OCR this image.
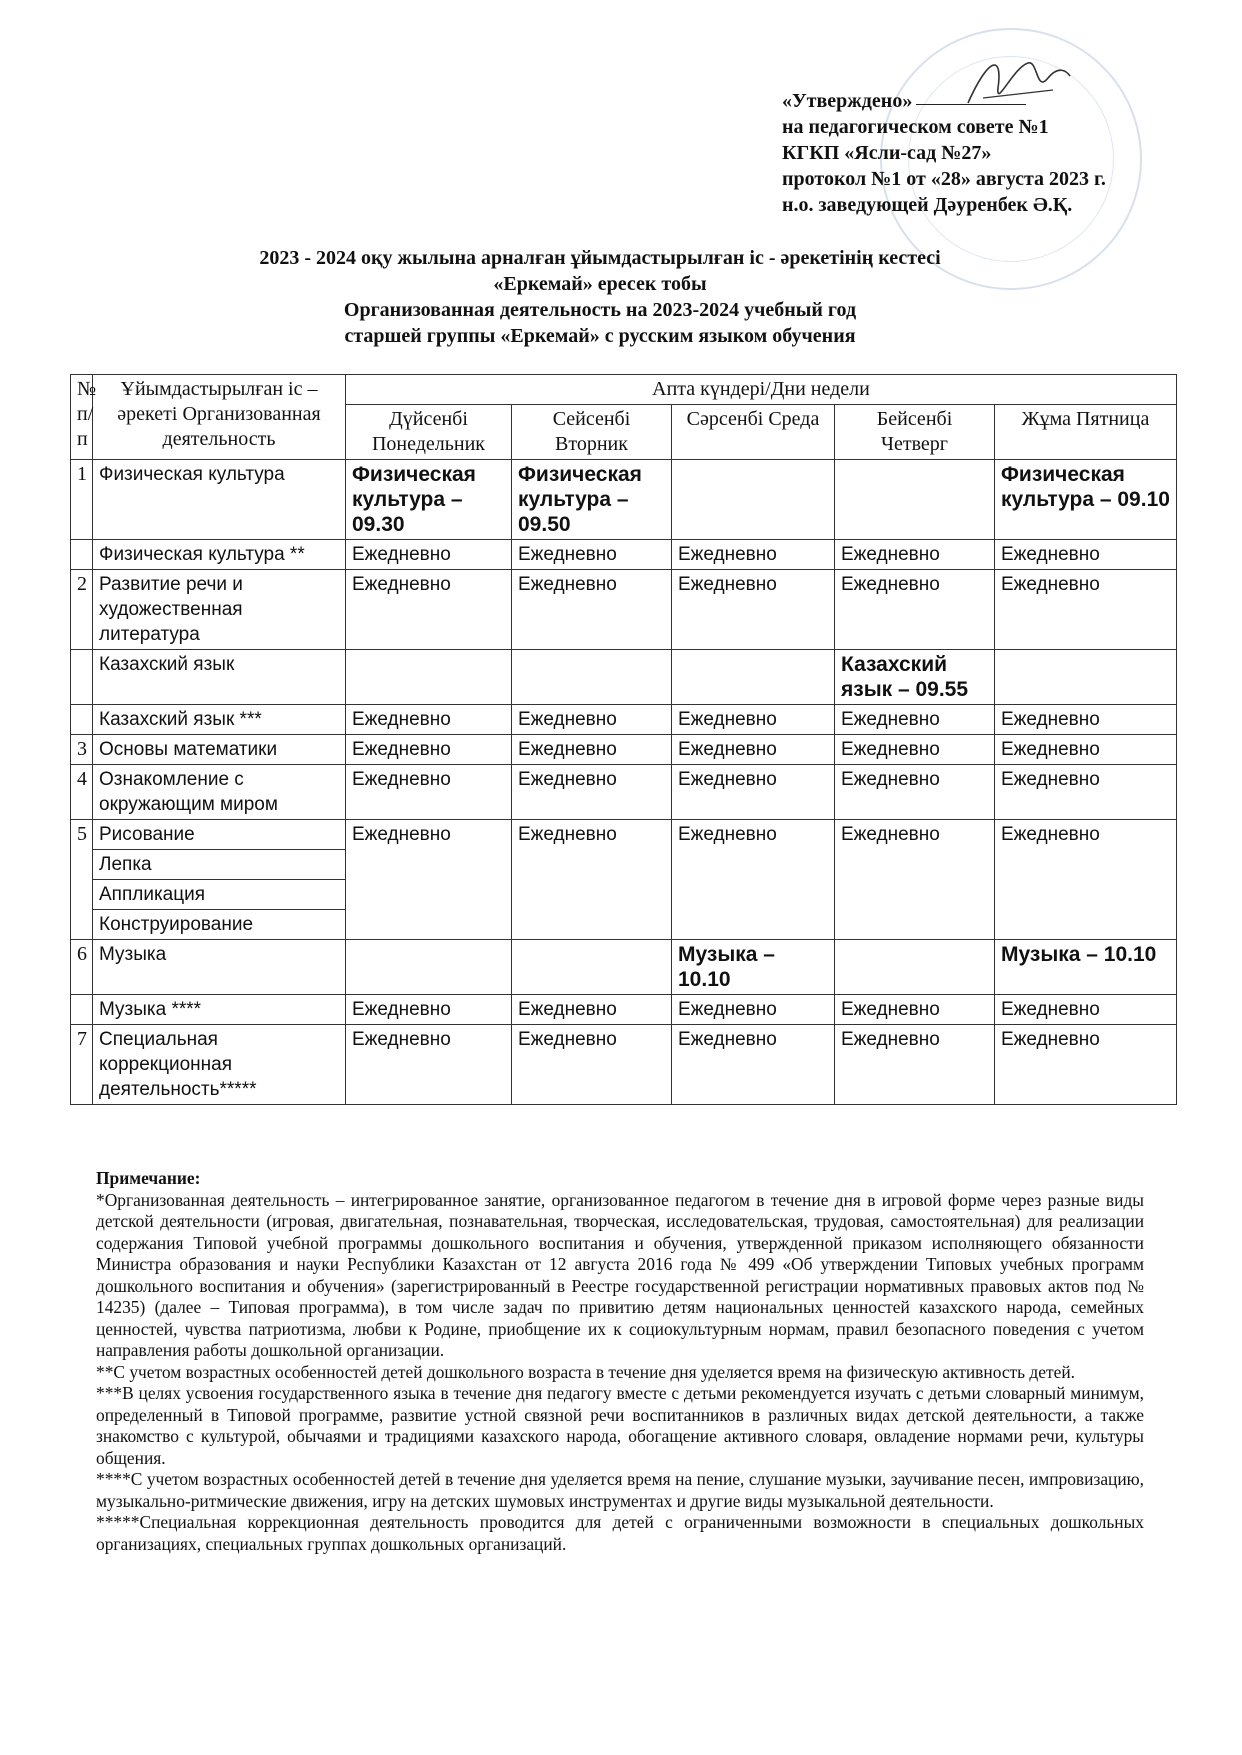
«Утверждено»
на педагогическом совете №1
КГКП «Ясли-сад №27»
протокол №1 от «28» августа 2023 г.
н.о. заведующей Дәуренбек Ә.Қ.
2023 - 2024 оқу жылына арналған ұйымдастырылған іс - әрекетінің кестесі
«Еркемай» ересек тобы
Организованная деятельность на 2023-2024 учебный год
старшей группы «Еркемай» с русским языком обучения
№
п/п	Ұйымдастырылған іс – әрекеті Организованная деятельность	Апта күндері/Дни недели				
		Дүйсенбі Понедельник	Сейсенбі Вторник	Сәрсенбі Среда	Бейсенбі Четверг	Жұма Пятница
1	Физическая культура	Физическая культура – 09.30	Физическая культура – 09.50			Физическая культура – 09.10
	Физическая культура **	Ежедневно	Ежедневно	Ежедневно	Ежедневно	Ежедневно
2	Развитие речи и художественная литература	Ежедневно	Ежедневно	Ежедневно	Ежедневно	Ежедневно
	Казахский язык				Казахский язык – 09.55	
	Казахский язык ***	Ежедневно	Ежедневно	Ежедневно	Ежедневно	Ежедневно
3	Основы математики	Ежедневно	Ежедневно	Ежедневно	Ежедневно	Ежедневно
4	Ознакомление с окружающим миром	Ежедневно	Ежедневно	Ежедневно	Ежедневно	Ежедневно
5	Рисование	Ежедневно	Ежедневно	Ежедневно	Ежедневно	Ежедневно
	Лепка					
	Аппликация					
	Конструирование					
6	Музыка			Музыка – 10.10		Музыка – 10.10
	Музыка ****	Ежедневно	Ежедневно	Ежедневно	Ежедневно	Ежедневно
7	Специальная коррекционная деятельность*****	Ежедневно	Ежедневно	Ежедневно	Ежедневно	Ежедневно
Примечание:

*Организованная деятельность – интегрированное занятие, организованное педагогом в течение дня в игровой форме через разные виды детской деятельности (игровая, двигательная, познавательная, творческая, исследовательская, трудовая, самостоятельная) для реализации содержания Типовой учебной программы дошкольного воспитания и обучения, утвержденной приказом исполняющего обязанности Министра образования и науки Республики Казахстан от 12 августа 2016 года № 499 «Об утверждении Типовых учебных программ дошкольного воспитания и обучения» (зарегистрированный в Реестре государственной регистрации нормативных правовых актов под № 14235) (далее – Типовая программа), в том числе задач по привитию детям национальных ценностей казахского народа, семейных ценностей, чувства патриотизма, любви к Родине, приобщение их к социокультурным нормам, правил безопасного поведения с учетом направления работы дошкольной организации.

**С учетом возрастных особенностей детей дошкольного возраста в течение дня уделяется время на физическую активность детей.

***В целях усвоения государственного языка в течение дня педагогу вместе с детьми рекомендуется изучать с детьми словарный минимум, определенный в Типовой программе, развитие устной связной речи воспитанников в различных видах детской деятельности, а также знакомство с культурой, обычаями и традициями казахского народа, обогащение активного словаря, овладение нормами речи, культуры общения.

****С учетом возрастных особенностей детей в течение дня уделяется время на пение, слушание музыки, заучивание песен, импровизацию, музыкально-ритмические движения, игру на детских шумовых инструментах и другие виды музыкальной деятельности.

*****Специальная коррекционная деятельность проводится для детей с ограниченными возможности в специальных дошкольных организациях, специальных группах дошкольных организаций.
